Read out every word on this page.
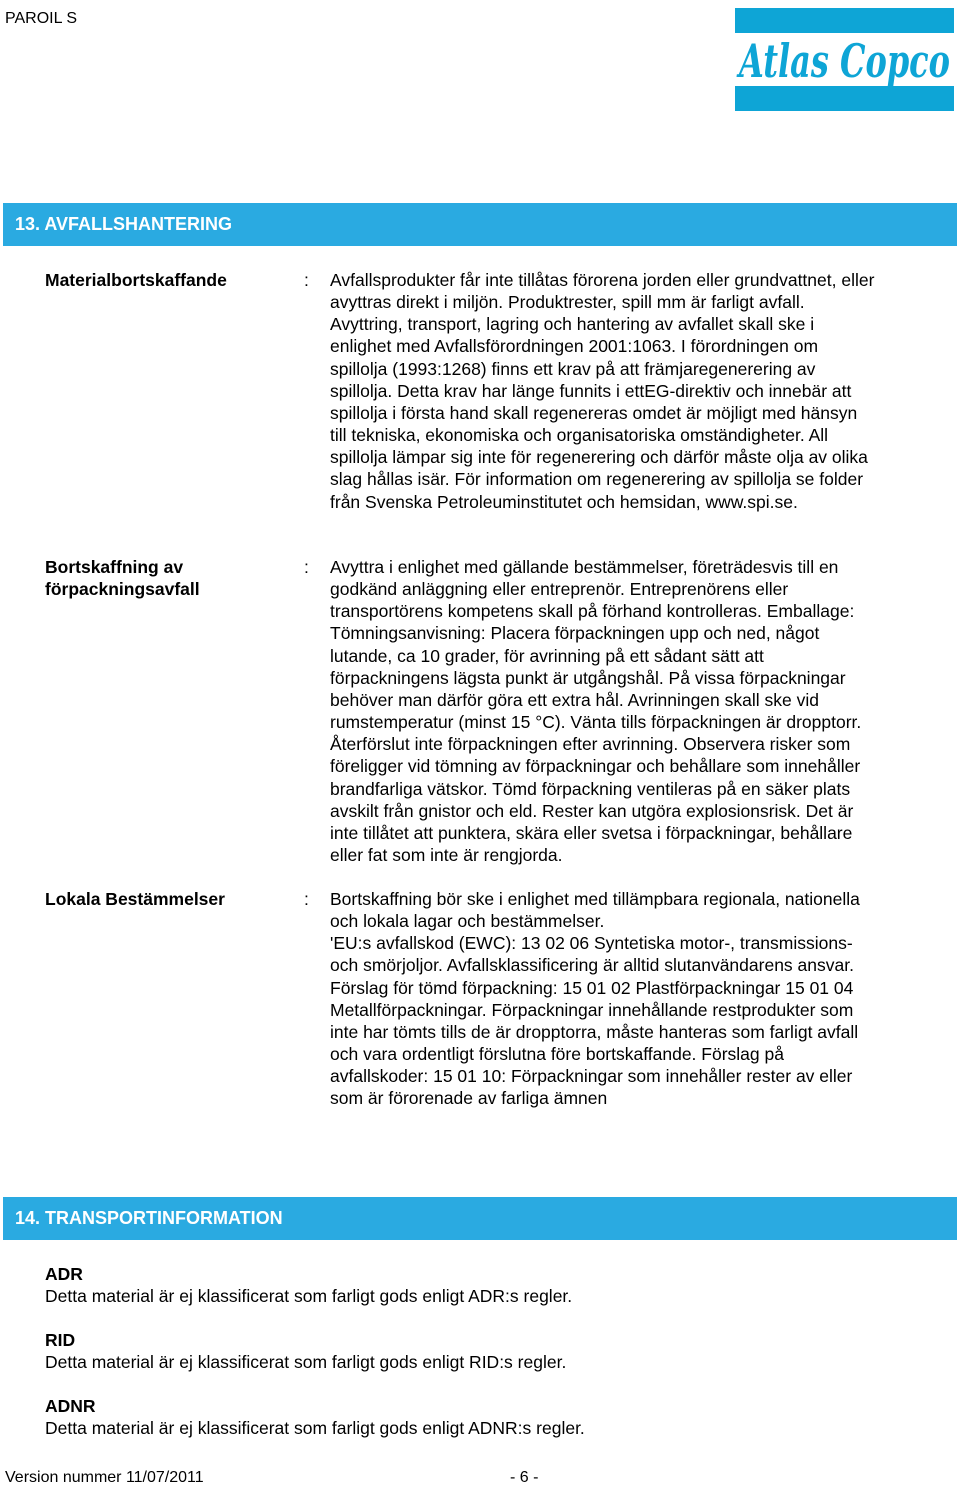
PAROIL S
Atlas Copco
13. AVFALLSHANTERING
Materialbortskaffande	: Avfallsprodukter får inte tillåtas förorena jorden eller grundvattnet, eller avyttras direkt i miljön. Produktrester, spill mm är farligt avfall. Avyttring, transport, lagring och hantering av avfallet skall ske i enlighet med Avfallsförordningen 2001:1063. I förordningen om spillolja (1993:1268) finns ett krav på att främjaregenerering av spillolja. Detta krav har länge funnits i ettEG-direktiv och innebär att spillolja i första hand skall regenereras omdet är möjligt med hänsyn till tekniska, ekonomiska och organisatoriska omständigheter. All spillolja lämpar sig inte för regenerering och därför måste olja av olika slag hållas isär. För information om regenerering av spillolja se folder från Svenska Petroleuminstitutet och hemsidan, www.spi.se.
Bortskaffning av
förpackningsavfall
: Avyttra i enlighet med gällande bestämmelser, företrädesvis till en godkänd anläggning eller entreprenör. Entreprenörens eller transportörens kompetens skall på förhand kontrolleras. Emballage: Tömningsanvisning: Placera förpackningen upp och ned, något lutande, ca 10 grader, för avrinning på ett sådant sätt att förpackningens lägsta punkt är utgångshål. På vissa förpackningar behöver man därför göra ett extra hål. Avrinningen skall ske vid rumstemperatur (minst 15 °C). Vänta tills förpackningen är dropptorr. Återförslut inte förpackningen efter avrinning. Observera risker som föreligger vid tömning av förpackningar och behållare som innehåller brandfarliga vätskor. Tömd förpackning ventileras på en säker plats avskilt från gnistor och eld. Rester kan utgöra explosionsrisk. Det är inte tillåtet att punktera, skära eller svetsa i förpackningar, behållare eller fat som inte är rengjorda.
Lokala Bestämmelser	: Bortskaffning bör ske i enlighet med tillämpbara regionala, nationella och lokala lagar och bestämmelser.
'EU:s avfallskod (EWC): 13 02 06 Syntetiska motor-, transmissions- och smörjoljor. Avfallsklassificering är alltid slutanvändarens ansvar.
Förslag för tömd förpackning: 15 01 02 Plastförpackningar 15 01 04 Metallförpackningar. Förpackningar innehållande restprodukter som inte har tömts tills de är dropptorra, måste hanteras som farligt avfall och vara ordentligt förslutna före bortskaffande. Förslag på avfallskoder: 15 01 10: Förpackningar som innehåller rester av eller som är förorenade av farliga ämnen
14. TRANSPORTINFORMATION
ADR
Detta material är ej klassificerat som farligt gods enligt ADR:s regler.
RID
Detta material är ej klassificerat som farligt gods enligt RID:s regler.
ADNR
Detta material är ej klassificerat som farligt gods enligt ADNR:s regler.
Version nummer 11/07/2011	- 6 -
